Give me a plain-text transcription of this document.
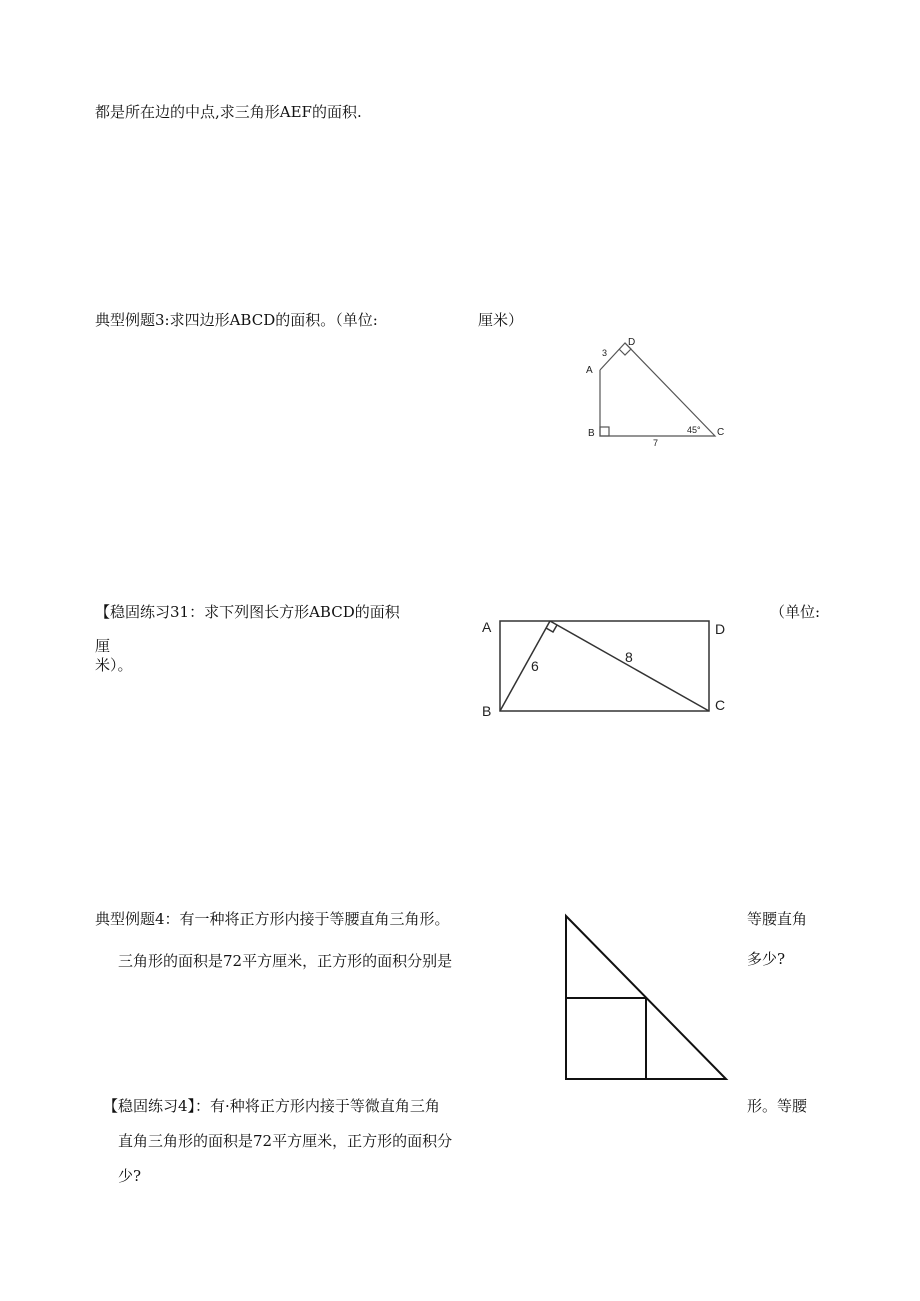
都是所在边的中点,求三角形AEF的面积.
典型例题3:求四边形ABCD的面积。（单位:	厘米）
A
B	C
D
3
7
45°
【稳固练习31：求下列图长方形ABCD的面积	（单位:
厘
米）。
A
B	C
D
6
8
典型例题4：有一种将正方形内接于等腰直角三角形。	等腰直角
三角形的面积是72平方厘米，正方形的面积分别是	多少?
【稳固练习4】：有·种将正方形内接于等微直角三角	形。等腰
直角三角形的面积是72平方厘米，正方形的面积分
少?
